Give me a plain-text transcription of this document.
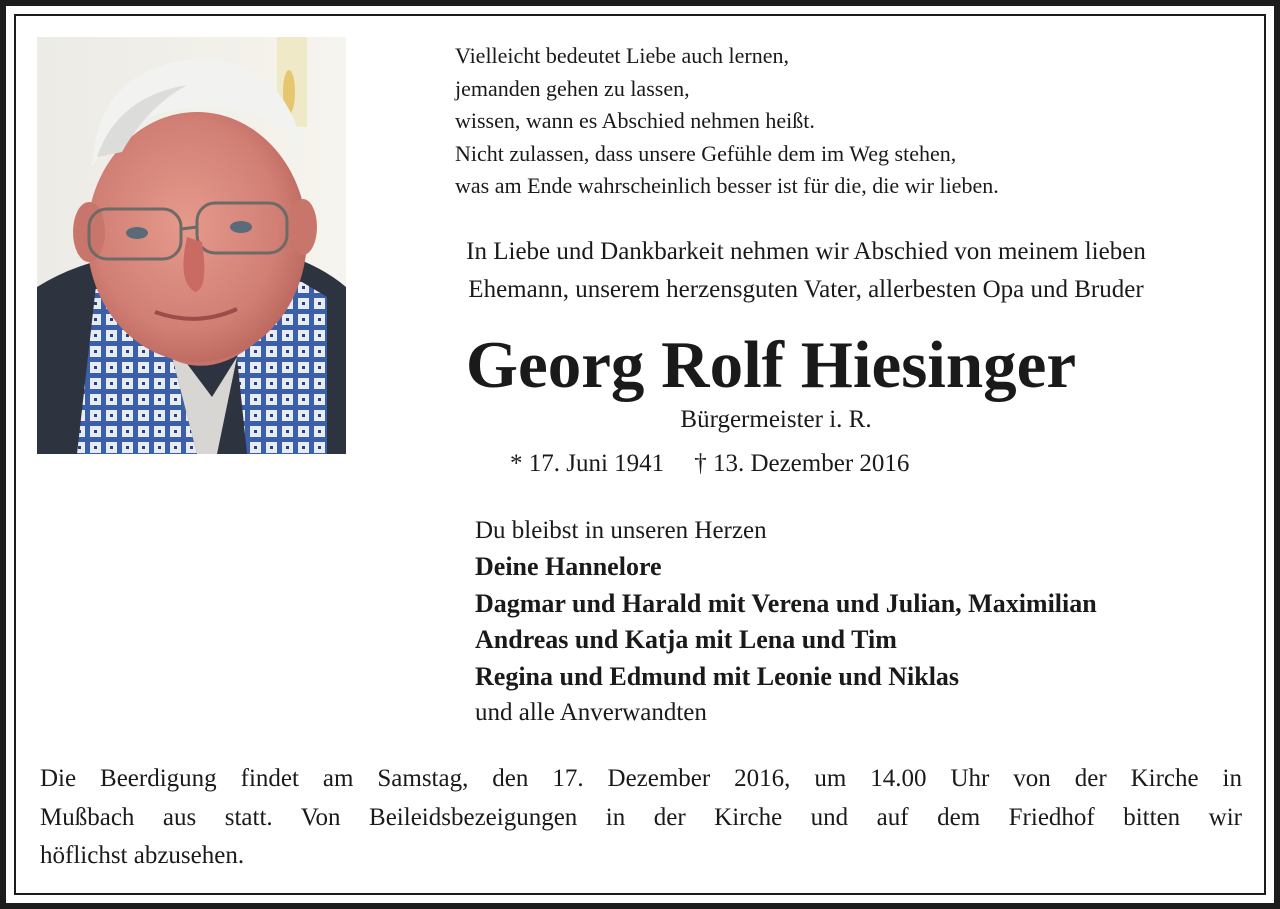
Vielleicht bedeutet Liebe auch lernen,
jemanden gehen zu lassen,
wissen, wann es Abschied nehmen heißt.
Nicht zulassen, dass unsere Gefühle dem im Weg stehen,
was am Ende wahrscheinlich besser ist für die, die wir lieben.
In Liebe und Dankbarkeit nehmen wir Abschied von meinem lieben
Ehemann, unserem herzensguten Vater, allerbesten Opa und Bruder
Georg Rolf Hiesinger
Bürgermeister i. R.
* 17. Juni 1941 † 13. Dezember 2016
Du bleibst in unseren Herzen
Deine Hannelore
Dagmar und Harald mit Verena und Julian, Maximilian
Andreas und Katja mit Lena und Tim
Regina und Edmund mit Leonie und Niklas
und alle Anverwandten
Die Beerdigung findet am Samstag, den 17. Dezember 2016, um 14.00 Uhr von der Kirche in
Mußbach aus statt. Von Beileidsbezeigungen in der Kirche und auf dem Friedhof bitten wir
höflichst abzusehen.
